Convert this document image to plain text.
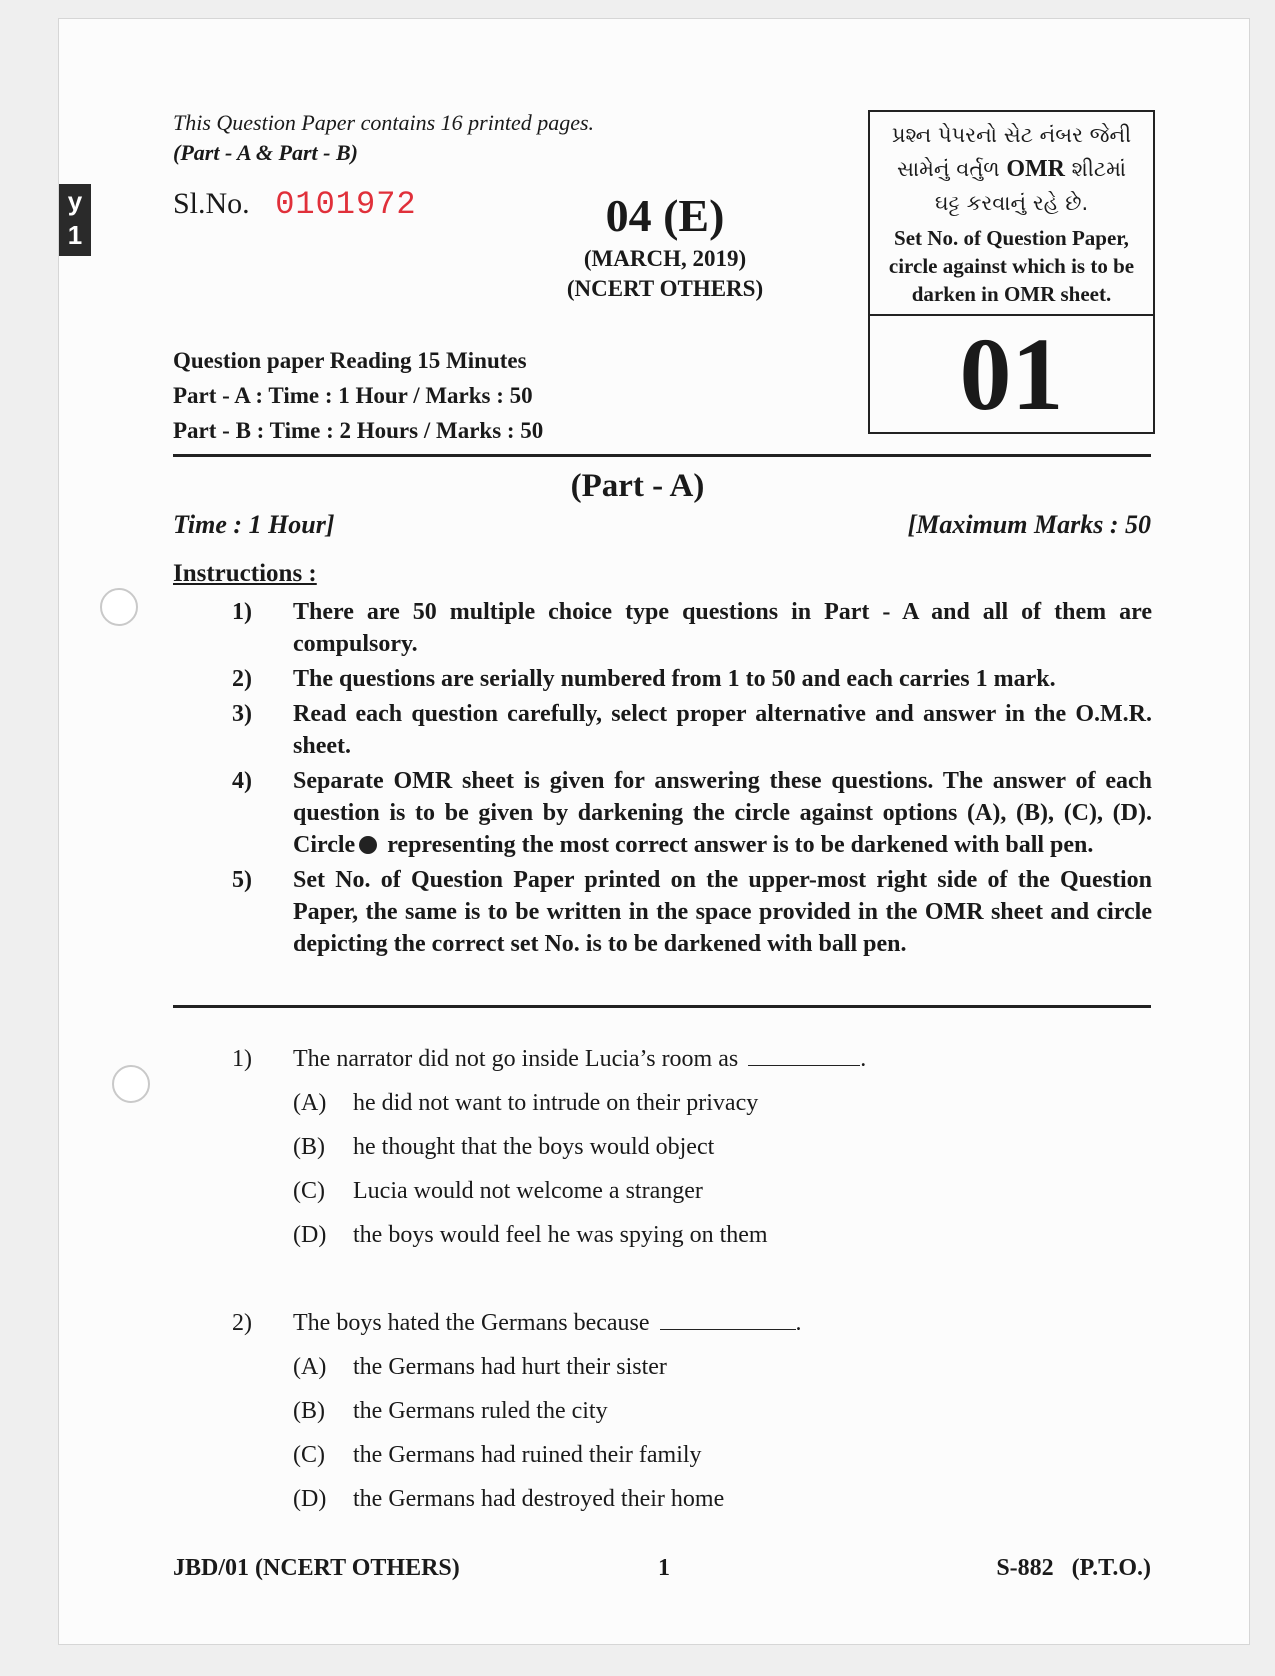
y
1
This Question Paper contains 16 printed pages.
(Part - A & Part - B)
Sl.No. 0101972	04 (E)
(MARCH, 2019)
(NCERT OTHERS)
પ્રશ્ન પેપરનો સેટ નંબર જેની
સામેનું વર્તુળ OMR શીટમાં
ઘટ્ટ કરવાનું રહે છે.
Set No. of Question Paper,
circle against which is to be
darken in OMR sheet.
01
Question paper Reading 15 Minutes
Part - A : Time : 1 Hour / Marks : 50
Part - B : Time : 2 Hours / Marks : 50
(Part - A)
Time : 1 Hour]	[Maximum Marks : 50
Instructions :
1)	There are 50 multiple choice type questions in Part - A and all of them are compulsory.
2)	The questions are serially numbered from 1 to 50 and each carries 1 mark.
3)	Read each question carefully, select proper alternative and answer in the O.M.R. sheet.
4)	Separate OMR sheet is given for answering these questions. The answer of each question is to be given by darkening the circle against options (A), (B), (C), (D). Circle representing the most correct answer is to be darkened with ball pen.
5)	Set No. of Question Paper printed on the upper-most right side of the Question Paper, the same is to be written in the space provided in the OMR sheet and circle depicting the correct set No. is to be darkened with ball pen.
1)	The narrator did not go inside Lucia’s room as	.
(A)	he did not want to intrude on their privacy
(B)	he thought that the boys would object
(C)	Lucia would not welcome a stranger
(D)	the boys would feel he was spying on them
2)	The boys hated the Germans because	.
(A)	the Germans had hurt their sister
(B)	the Germans ruled the city
(C)	the Germans had ruined their family
(D)	the Germans had destroyed their home
JBD/01 (NCERT OTHERS)	1	S-882   (P.T.O.)
